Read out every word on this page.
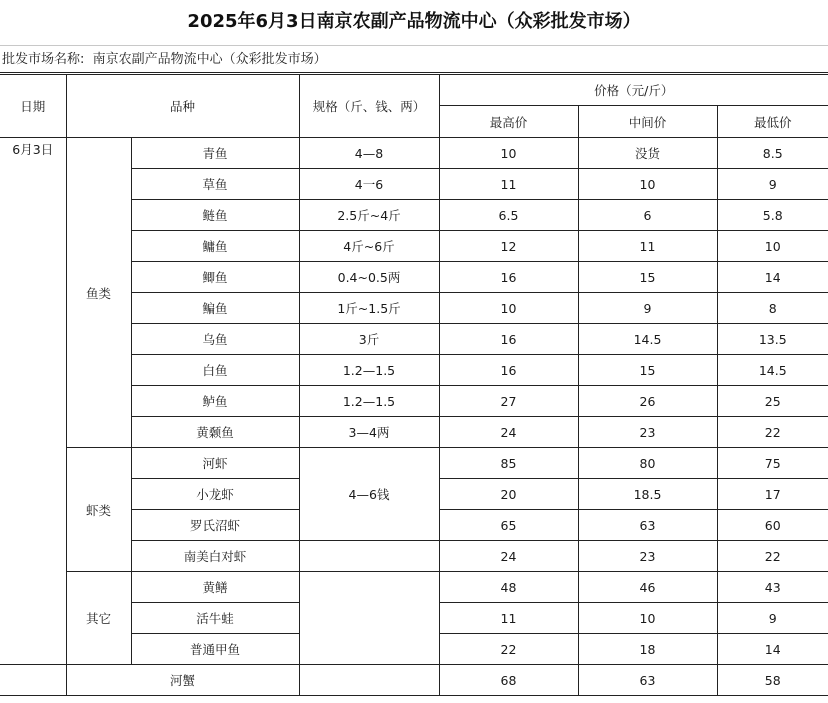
2025年6月3日南京农副产品物流中心（众彩批发市场）
批发市场名称: 南京农副产品物流中心（众彩批发市场）
日期	品种		规格（斤、钱、两）	价格（元/斤）		
				最高价	中间价	最低价
6月3日	鱼类	青鱼	4—8	10	没货	8.5
		草鱼	4一6	11	10	9
		鲢鱼	2.5斤~4斤	6.5	6	5.8
		鳙鱼	4斤~6斤	12	11	10
		鲫鱼	0.4~0.5两	16	15	14
		鳊鱼	1斤~1.5斤	10	9	8
		乌鱼	3斤	16	14.5	13.5
		白鱼	1.2—1.5	16	15	14.5
		鲈鱼	1.2—1.5	27	26	25
		黄颡鱼	3—4两	24	23	22
	虾类	河虾	4—6钱	85	80	75
		小龙虾		20	18.5	17
		罗氏沼虾		65	63	60
		南美白对虾		24	23	22
	其它	黄鳝		48	46	43
		活牛蛙		11	10	9
		普通甲鱼		22	18	14
	河蟹			68	63	58
